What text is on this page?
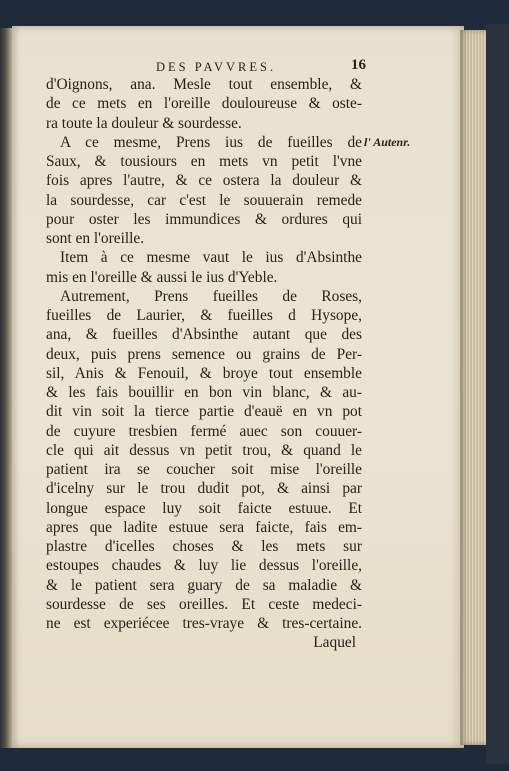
DES PAVVRES.	16
d'Oignons, ana. Mesle tout ensemble, &
de ce mets en l'oreille douloureuse & oste-
ra toute la douleur & sourdesse.
A ce mesme, Prens ius de fueilles de
Saux, & tousiours en mets vn petit l'vne
fois apres l'autre, & ce ostera la douleur &
la sourdesse, car c'est le souuerain remede
pour oster les immundices & ordures qui
sont en l'oreille.
Item à ce mesme vaut le ius d'Absinthe
mis en l'oreille & aussi le ius d'Yeble.
Autrement, Prens fueilles de Roses,
fueilles de Laurier, & fueilles d Hysope,
ana, & fueilles d'Absinthe autant que des
deux, puis prens semence ou grains de Per-
sil, Anis & Fenouil, & broye tout ensemble
& les fais bouillir en bon vin blanc, & au-
dit vin soit la tierce partie d'eauë en vn pot
de cuyure tresbien fermé auec son couuer-
cle qui ait dessus vn petit trou, & quand le
patient ira se coucher soit mise l'oreille
d'icelny sur le trou dudit pot, & ainsi par
longue espace luy soit faicte estuue. Et
apres que ladite estuue sera faicte, fais em-
plastre d'icelles choses & les mets sur
estoupes chaudes & luy lie dessus l'oreille,
& le patient sera guary de sa maladie &
sourdesse de ses oreilles. Et ceste medeci-
ne est experiécee tres-vraye & tres-certaine.
Laquel
l' Autenr.
